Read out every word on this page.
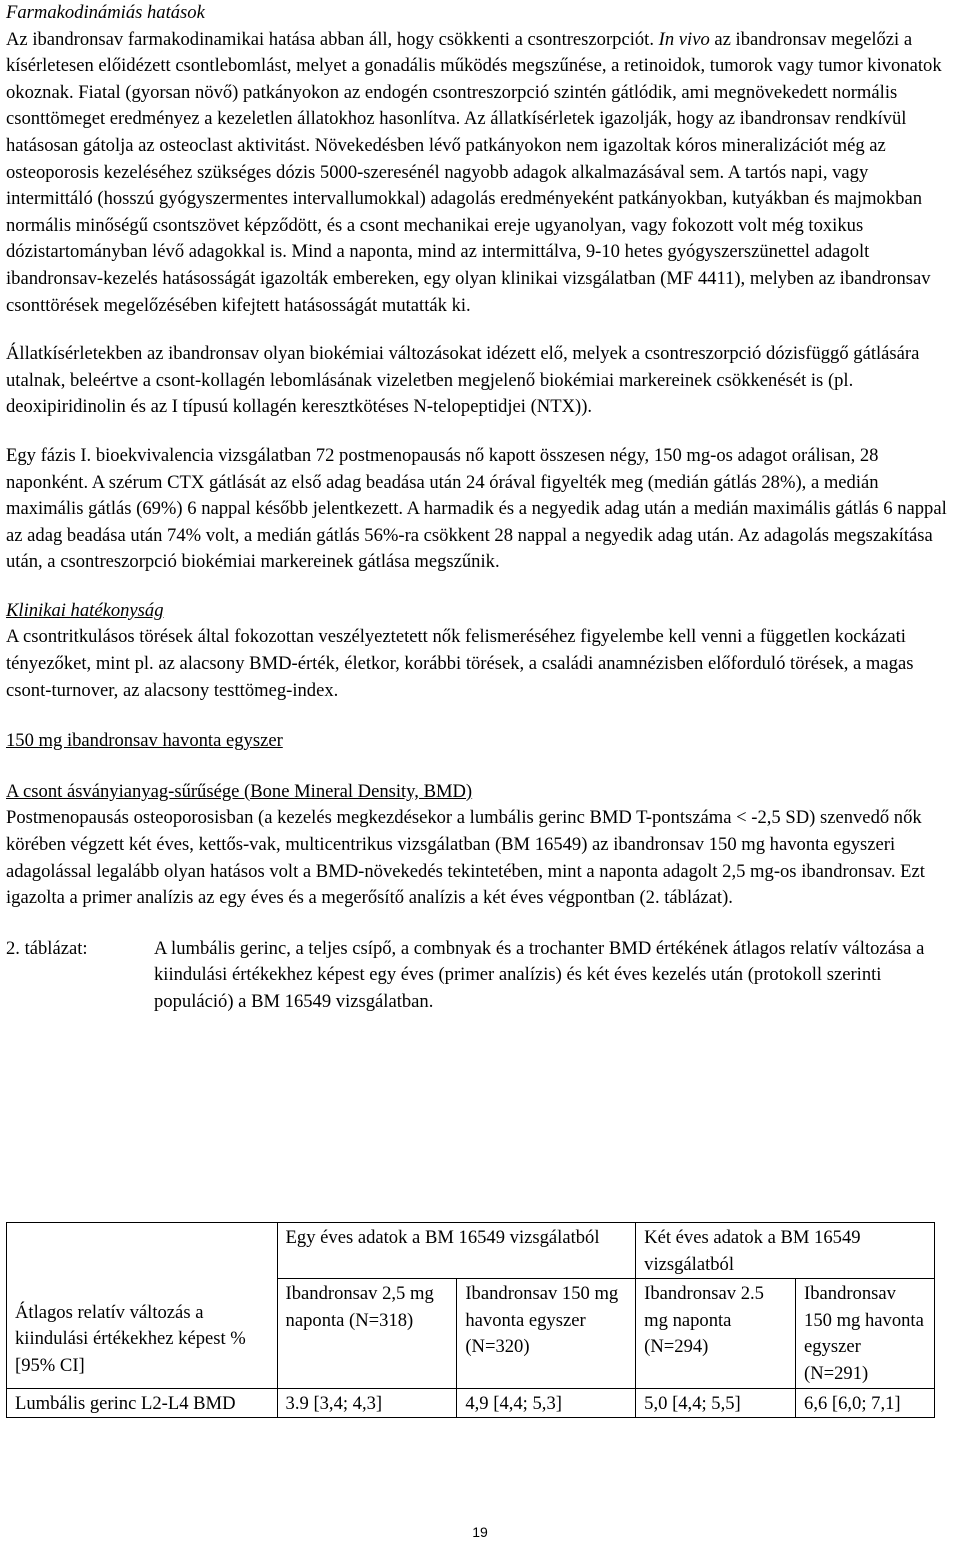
Farmakodinámiás hatások

Az ibandronsav farmakodinamikai hatása abban áll, hogy csökkenti a csontreszorpciót. In vivo az ibandronsav megelőzi a kísérletesen előidézett csontlebomlást, melyet a gonadális működés megszűnése, a retinoidok, tumorok vagy tumor kivonatok okoznak. Fiatal (gyorsan növő) patkányokon az endogén csontreszorpció szintén gátlódik, ami megnövekedett normális csonttömeget eredményez a kezeletlen állatokhoz hasonlítva. Az állatkísérletek igazolják, hogy az ibandronsav rendkívül hatásosan gátolja az osteoclast aktivitást. Növekedésben lévő patkányokon nem igazoltak kóros mineralizációt még az osteoporosis kezeléséhez szükséges dózis 5000-szeresénél nagyobb adagok alkalmazásával sem. A tartós napi, vagy intermittáló (hosszú gyógyszermentes intervallumokkal) adagolás eredményeként patkányokban, kutyákban és majmokban normális minőségű csontszövet képződött, és a csont mechanikai ereje ugyanolyan, vagy fokozott volt még toxikus dózistartományban lévő adagokkal is. Mind a naponta, mind az intermittálva, 9-10 hetes gyógyszerszünettel adagolt ibandronsav-kezelés hatásosságát igazolták embereken, egy olyan klinikai vizsgálatban (MF 4411), melyben az ibandronsav csonttörések megelőzésében kifejtett hatásosságát mutatták ki.

Állatkísérletekben az ibandronsav olyan biokémiai változásokat idézett elő, melyek a csontreszorpció dózisfüggő gátlására utalnak, beleértve a csont-kollagén lebomlásának vizeletben megjelenő biokémiai markereinek csökkenését is (pl. deoxipiridinolin és az I típusú kollagén keresztkötéses N-telopeptidjei (NTX)).

Egy fázis I. bioekvivalencia vizsgálatban 72 postmenopausás nő kapott összesen négy, 150 mg-os adagot orálisan, 28 naponként. A szérum CTX gátlását az első adag beadása után 24 órával figyelték meg (medián gátlás 28%), a medián maximális gátlás (69%) 6 nappal később jelentkezett. A harmadik és a negyedik adag után a medián maximális gátlás 6 nappal az adag beadása után 74% volt, a medián gátlás 56%-ra csökkent 28 nappal a negyedik adag után. Az adagolás megszakítása után, a csontreszorpció biokémiai markereinek gátlása megszűnik.

Klinikai hatékonyság

A csontritkulásos törések által fokozottan veszélyeztetett nők felismeréséhez figyelembe kell venni a független kockázati tényezőket, mint pl. az alacsony BMD-érték, életkor, korábbi törések, a családi anamnézisben előforduló törések, a magas csont-turnover, az alacsony testtömeg-index.

150 mg ibandronsav havonta egyszer

A csont ásványianyag-sűrűsége (Bone Mineral Density, BMD)

Postmenopausás osteoporosisban (a kezelés megkezdésekor a lumbális gerinc BMD T-pontszáma < -2,5 SD) szenvedő nők körében végzett két éves, kettős-vak, multicentrikus vizsgálatban (BM 16549) az ibandronsav 150 mg havonta egyszeri adagolással legalább olyan hatásos volt a BMD-növekedés tekintetében, mint a naponta adagolt 2,5 mg-os ibandronsav. Ezt igazolta a primer analízis az egy éves és a megerősítő analízis a két éves végpontban (2. táblázat).

2. táblázat:	A lumbális gerinc, a teljes csípő, a combnyak és a trochanter BMD értékének átlagos relatív változása a kiindulási értékekhez képest egy éves (primer analízis) és két éves kezelés után (protokoll szerinti populáció) a BM 16549 vizsgálatban.
Átlagos relatív változás a kiindulási értékekhez képest % [95% CI]	Egy éves adatok a BM 16549 vizsgálatból		Két éves adatok a BM 16549 vizsgálatból	
	Ibandronsav 2,5 mg naponta (N=318)	Ibandronsav 150 mg havonta egyszer (N=320)	Ibandronsav 2.5 mg naponta (N=294)	Ibandronsav 150 mg havonta egyszer (N=291)
Lumbális gerinc L2-L4 BMD	3.9 [3,4; 4,3]	4,9 [4,4; 5,3]	5,0 [4,4; 5,5]	6,6 [6,0; 7,1]
19
